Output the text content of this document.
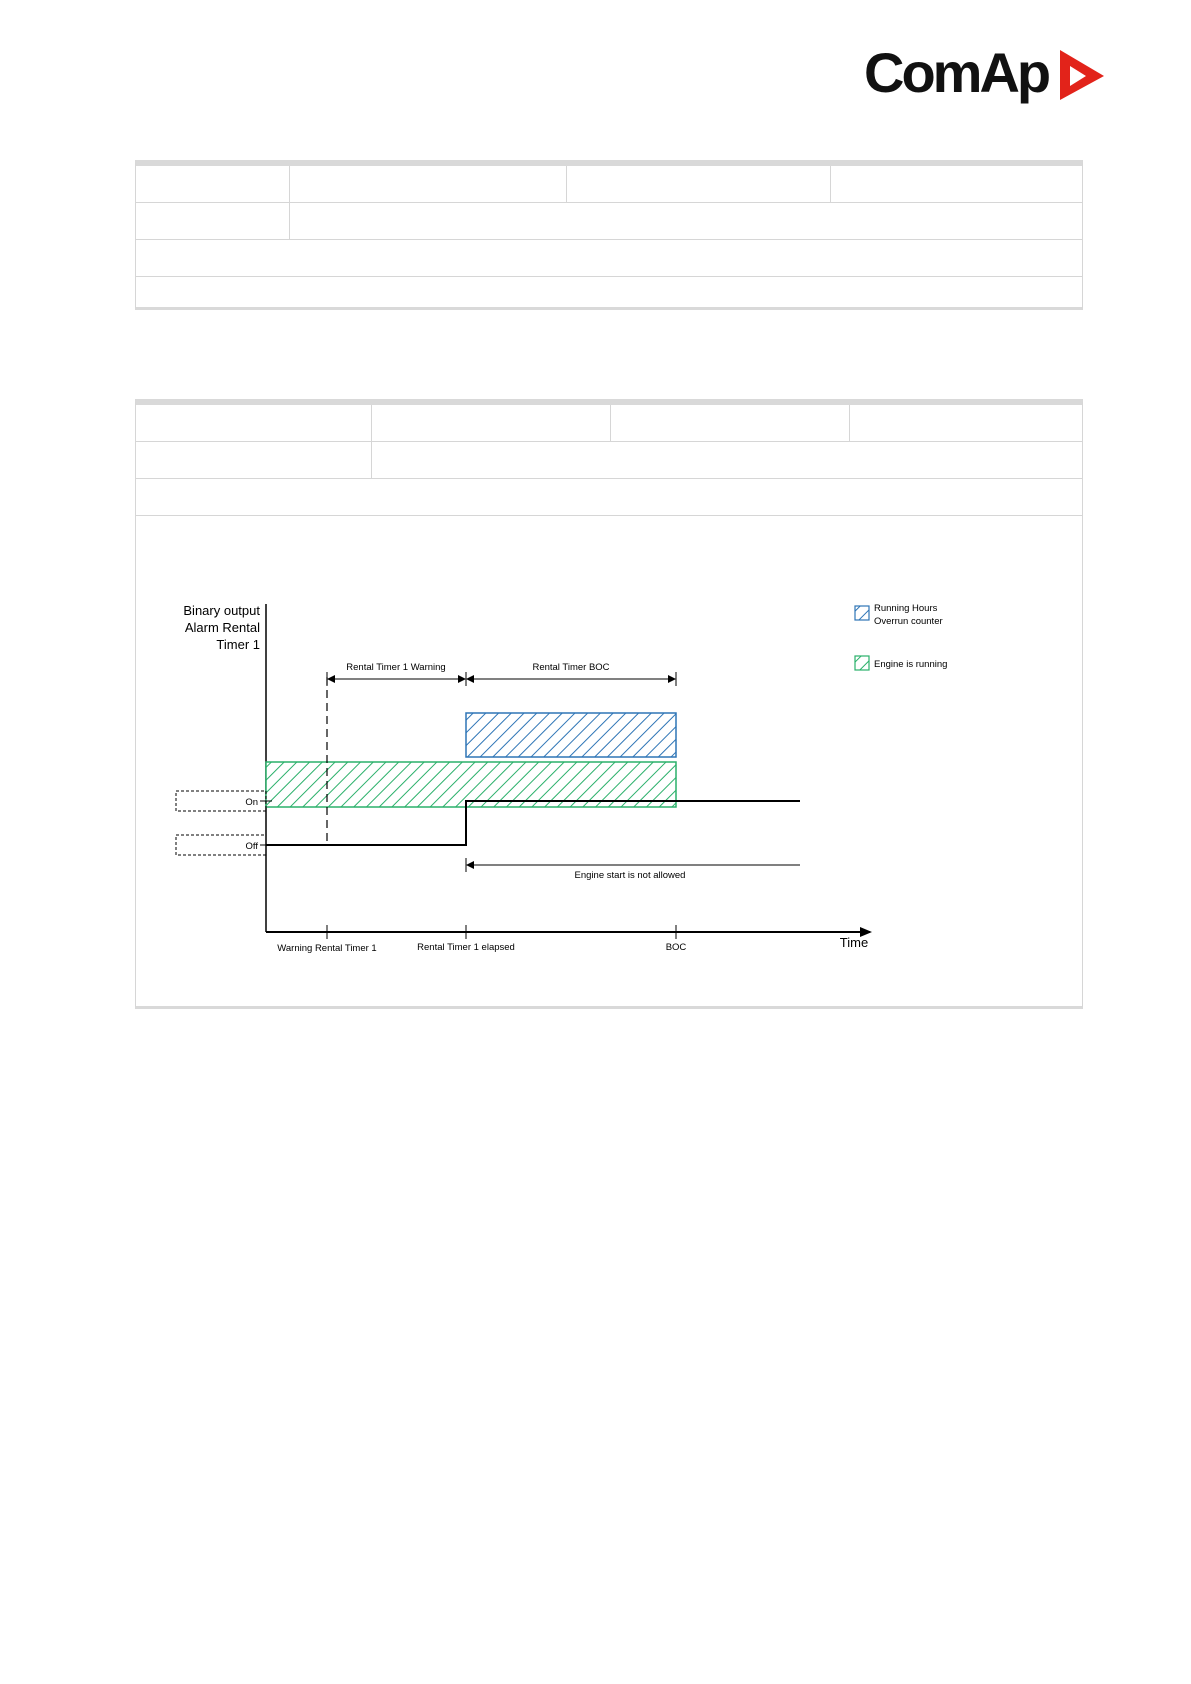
ComAp
Binary output
Alarm Rental
Timer 1
Time
Rental Timer 1 Warning	Rental Timer BOC
On
Off
Engine start is not allowed
Warning Rental Timer 1	Rental Timer 1 elapsed	BOC
Running Hours
Overrun counter
Engine is running
